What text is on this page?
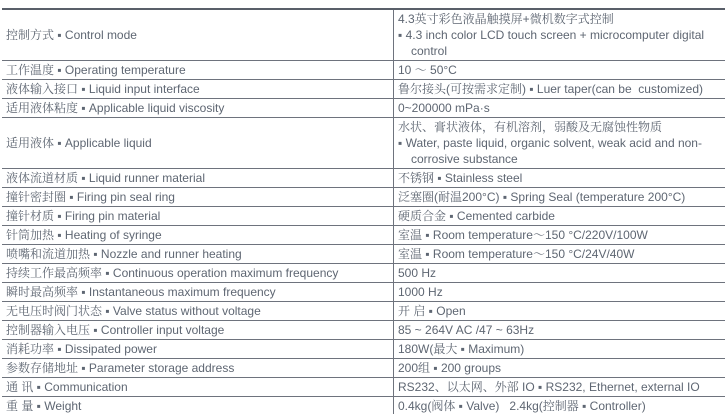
控制方式 ▪ Control mode	4.3英寸彩色液晶触摸屏+微机数字式控制
▪ 4.3 inch color LCD touch screen + microcomputer digital control

工作温度 ▪ Operating temperature	10 ～ 50°C

液体输入接口 ▪ Liquid input interface	鲁尔接头(可按需求定制) ▪ Luer taper(can be  customized)

适用液体粘度 ▪ Applicable liquid viscosity	0~200000 mPa·s

适用液体 ▪ Applicable liquid	水状、膏状液体，有机溶剂，弱酸及无腐蚀性物质
▪ Water, paste liquid, organic solvent, weak acid and non-corrosive substance

液体流道材质 ▪ Liquid runner material	不锈钢 ▪ Stainless steel

撞针密封圈 ▪ Firing pin seal ring	泛塞圈(耐温200°C) ▪ Spring Seal (temperature 200°C)

撞针材质 ▪ Firing pin material	硬质合金 ▪ Cemented carbide

针筒加热 ▪ Heating of syringe	室温 ▪ Room temperature～150 °C/220V/100W

喷嘴和流道加热 ▪ Nozzle and runner heating	室温 ▪ Room temperature～150 °C/24V/40W

持续工作最高频率 ▪ Continuous operation maximum frequency	500 Hz

瞬时最高频率 ▪ Instantaneous maximum frequency	1000 Hz

无电压时阀门状态 ▪ Valve status without voltage	开 启 ▪ Open

控制器输入电压 ▪ Controller input voltage	85 ~ 264V AC /47 ~ 63Hz

消耗功率 ▪ Dissipated power	180W(最大 ▪ Maximum)

参数存储地址 ▪ Parameter storage address	200组 ▪ 200 groups

通 讯 ▪ Communication	RS232、以太网、外部 IO ▪ RS232, Ethernet, external IO

重 量 ▪ Weight	0.4kg(阀体 ▪ Valve)   2.4kg(控制器 ▪ Controller)
